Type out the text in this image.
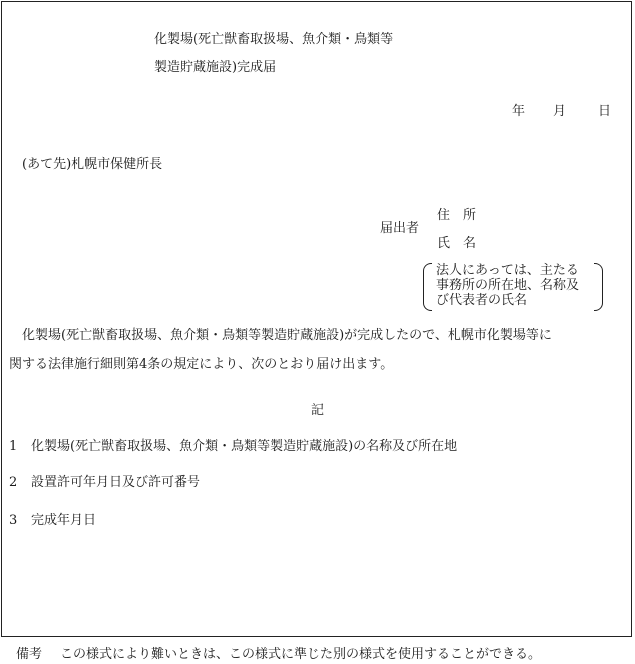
化製場(死亡獣畜取扱場、魚介類・鳥類等
製造貯蔵施設)完成届
年 月 日
(あて先)札幌市保健所長
届出者
住　所
氏　名
法人にあっては、主たる
事務所の所在地、名称及
び代表者の氏名
化製場(死亡獣畜取扱場、魚介類・鳥類等製造貯蔵施設)が完成したので、札幌市化製場等に
関する法律施行細則第4条の規定により、次のとおり届け出ます。
記
1 化製場(死亡獣畜取扱場、魚介類・鳥類等製造貯蔵施設)の名称及び所在地
2 設置許可年月日及び許可番号
3 完成年月日
備考 この様式により難いときは、この様式に準じた別の様式を使用することができる。
